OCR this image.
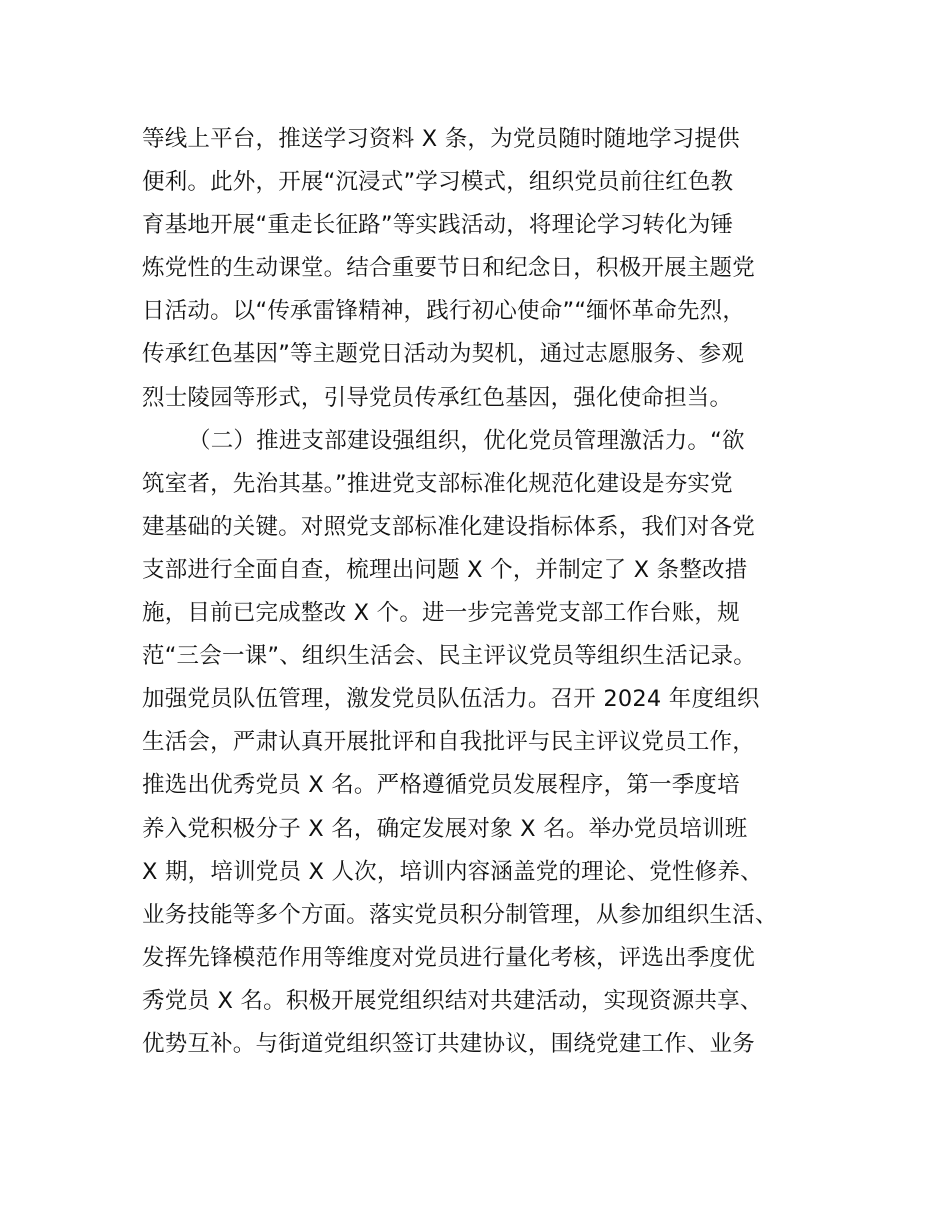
等线上平台，推送学习资料 X 条，为党员随时随地学习提供
便利。此外，开展“沉浸式”学习模式，组织党员前往红色教
育基地开展“重走长征路”等实践活动，将理论学习转化为锤
炼党性的生动课堂。结合重要节日和纪念日，积极开展主题党
日活动。以“传承雷锋精神，践行初心使命”“缅怀革命先烈，
传承红色基因”等主题党日活动为契机，通过志愿服务、参观
烈士陵园等形式，引导党员传承红色基因，强化使命担当。
（二）推进支部建设强组织，优化党员管理激活力。“欲
筑室者，先治其基。”推进党支部标准化规范化建设是夯实党
建基础的关键。对照党支部标准化建设指标体系，我们对各党
支部进行全面自查，梳理出问题 X 个，并制定了 X 条整改措
施，目前已完成整改 X 个。进一步完善党支部工作台账，规
范“三会一课”、组织生活会、民主评议党员等组织生活记录。
加强党员队伍管理，激发党员队伍活力。召开 2024 年度组织
生活会，严肃认真开展批评和自我批评与民主评议党员工作，
推选出优秀党员 X 名。严格遵循党员发展程序，第一季度培
养入党积极分子 X 名，确定发展对象 X 名。举办党员培训班
X 期，培训党员 X 人次，培训内容涵盖党的理论、党性修养、
业务技能等多个方面。落实党员积分制管理，从参加组织生活、
发挥先锋模范作用等维度对党员进行量化考核，评选出季度优
秀党员 X 名。积极开展党组织结对共建活动，实现资源共享、
优势互补。与街道党组织签订共建协议，围绕党建工作、业务
